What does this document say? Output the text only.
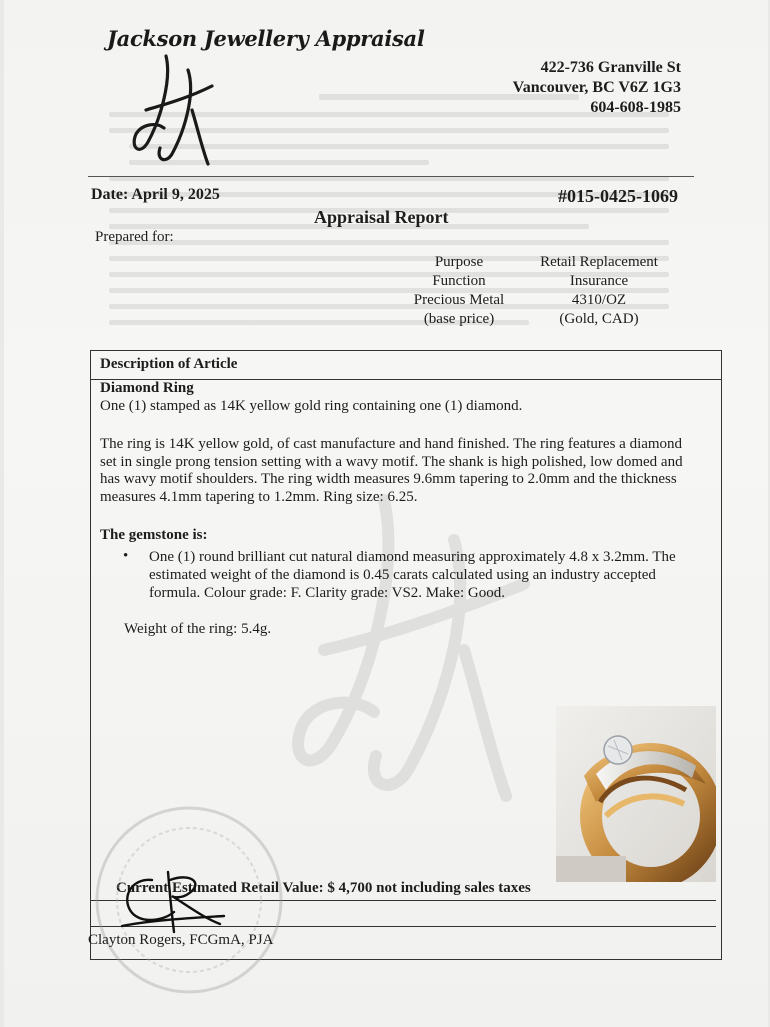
Jackson Jewellery Appraisal
422-736 Granville St
Vancouver, BC V6Z 1G3
604-608-1985
Date: April 9, 2025	#015-0425-1069
Appraisal Report
Prepared for:
Purpose	Retail Replacement
Function	Insurance
Precious Metal	4310/OZ
(base price)	(Gold, CAD)
Description of Article
Diamond Ring
One (1) stamped as 14K yellow gold ring containing one (1) diamond.
The ring is 14K yellow gold, of cast manufacture and hand finished. The ring features a diamond set in single prong tension setting with a wavy motif. The shank is high polished, low domed and has wavy motif shoulders. The ring width measures 9.6mm tapering to 2.0mm and the thickness measures 4.1mm tapering to 1.2mm. Ring size: 6.25.
The gemstone is:
• One (1) round brilliant cut natural diamond measuring approximately 4.8 x 3.2mm. The estimated weight of the diamond is 0.45 carats calculated using an industry accepted formula. Colour grade: F. Clarity grade: VS2. Make: Good.
Weight of the ring: 5.4g.
Current Estimated Retail Value: $ 4,700 not including sales taxes
Clayton Rogers, FCGmA, PJA
